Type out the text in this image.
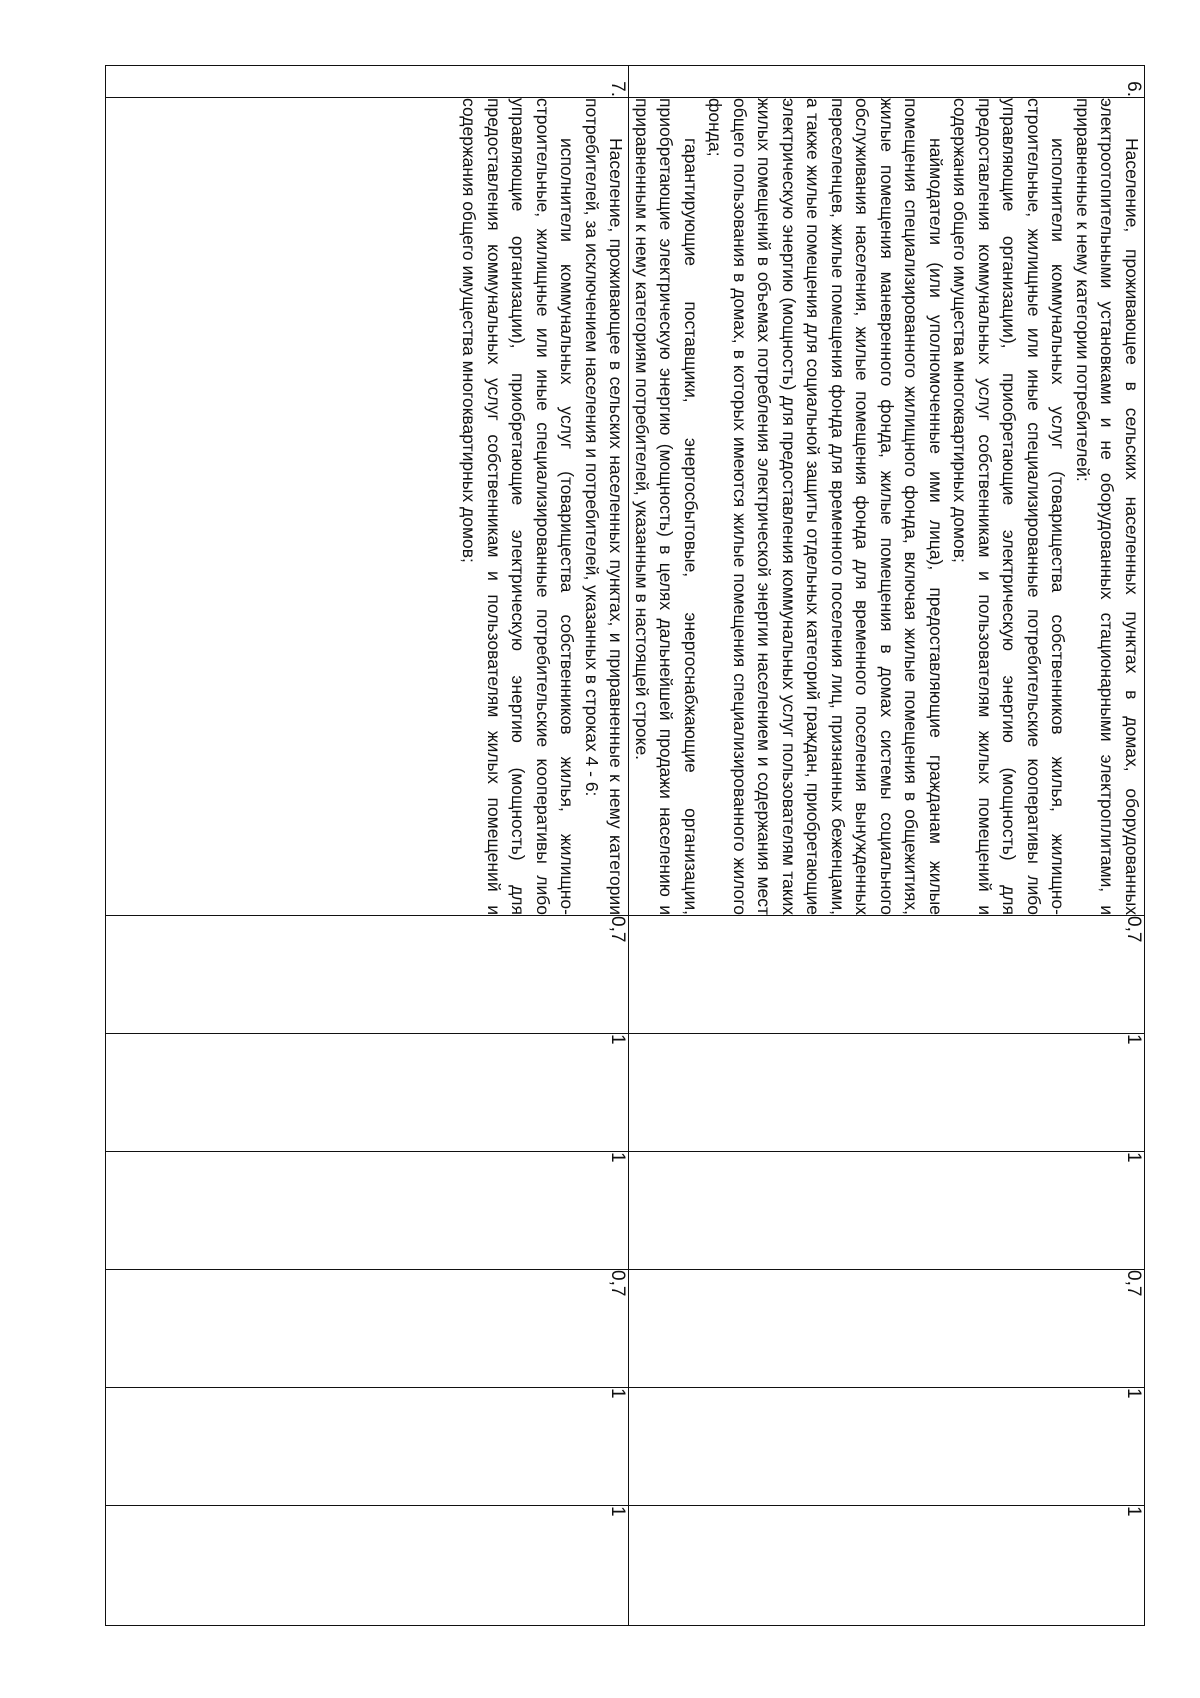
6.	Население, проживающее в сельских населенных пунктах в домах, оборудованных электроотопительными установками и не оборудованных стационарными электроплитами, и приравненные к нему категории потребителей:

исполнители коммунальных услуг (товарищества собственников жилья, жилищно-строительные, жилищные или иные специализированные потребительские кооперативы либо управляющие организации), приобретающие электрическую энергию (мощность) для предоставления коммунальных услуг собственникам и пользователям жилых помещений и содержания общего имущества многоквартирных домов;

наймодатели (или уполномоченные ими лица), предоставляющие гражданам жилые помещения специализированного жилищного фонда, включая жилые помещения в общежитиях, жилые помещения маневренного фонда, жилые помещения в домах системы социального обслуживания населения, жилые помещения фонда для временного поселения вынужденных переселенцев, жилые помещения фонда для временного поселения лиц, признанных беженцами, а также жилые помещения для социальной защиты отдельных категорий граждан, приобретающие электрическую энергию (мощность) для предоставления коммунальных услуг пользователям таких жилых помещений в объемах потребления электрической энергии населением и содержания мест общего пользования в домах, в которых имеются жилые помещения специализированного жилого фонда;

гарантирующие поставщики, энергосбытовые, энергоснабжающие организации, приобретающие электрическую энергию (мощность) в целях дальнейшей продажи населению и приравненным к нему категориям потребителей, указанным в настоящей строке.	0,7	1	1	0,7	1	1
7.	Население, проживающее в сельских населенных пунктах, и приравненные к нему категории потребителей, за исключением населения и потребителей, указанных в строках 4 - 6:

исполнители коммунальных услуг (товарищества собственников жилья, жилищно-строительные, жилищные или иные специализированные потребительские кооперативы либо управляющие организации), приобретающие электрическую энергию (мощность) для предоставления коммунальных услуг собственникам и пользователям жилых помещений и содержания общего имущества многоквартирных домов;	0,7	1	1	0,7	1	1
